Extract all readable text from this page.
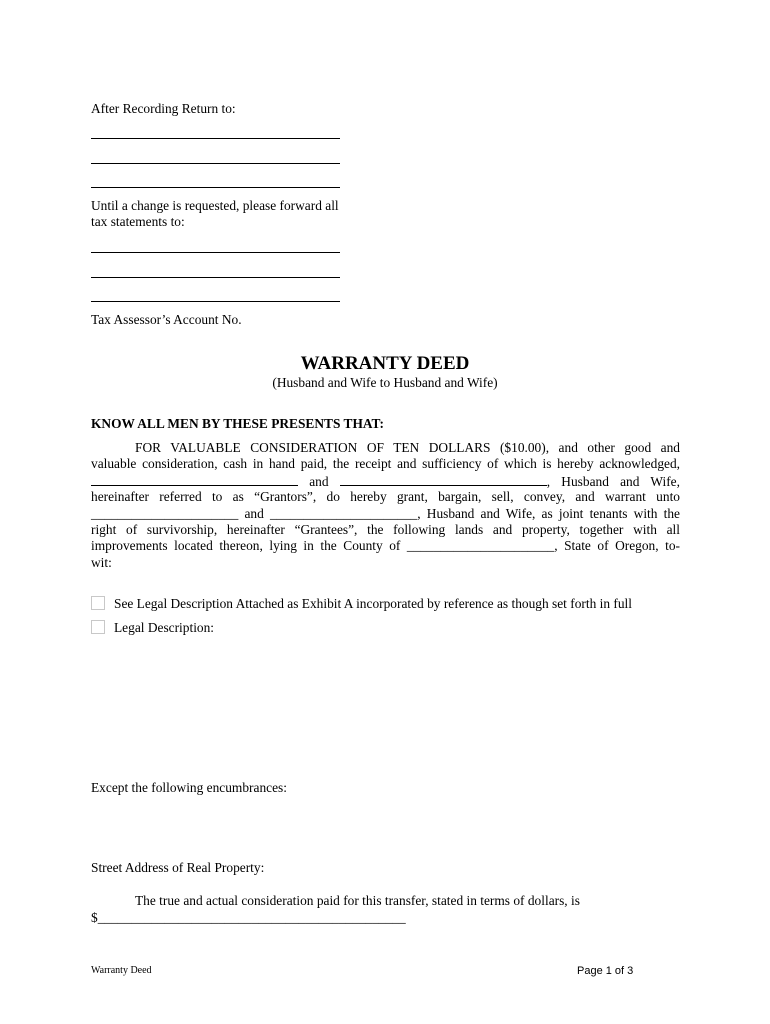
After Recording Return to:
Until a change is requested, please forward all
tax statements to:
Tax Assessor’s Account No.
WARRANTY DEED
(Husband and Wife to Husband and Wife)
KNOW ALL MEN BY THESE PRESENTS THAT:
FOR VALUABLE CONSIDERATION OF TEN DOLLARS ($10.00), and other good and
valuable consideration, cash in hand paid, the receipt and sufficiency of which is hereby acknowledged,
and	, Husband and Wife,
hereinafter referred to as “Grantors”, do hereby grant, bargain, sell, convey, and warrant unto
______________________ and ______________________, Husband and Wife, as joint tenants with the
right of survivorship, hereinafter “Grantees”, the following lands and property, together with all
improvements located thereon, lying in the County of ______________________, State of Oregon, to-
wit:
See Legal Description Attached as Exhibit A incorporated by reference as though set forth in full
Legal Description:
Except the following encumbrances:
Street Address of Real Property:
The true and actual consideration paid for this transfer, stated in terms of dollars, is
$______________________________________________
Warranty Deed	Page 1 of 3
